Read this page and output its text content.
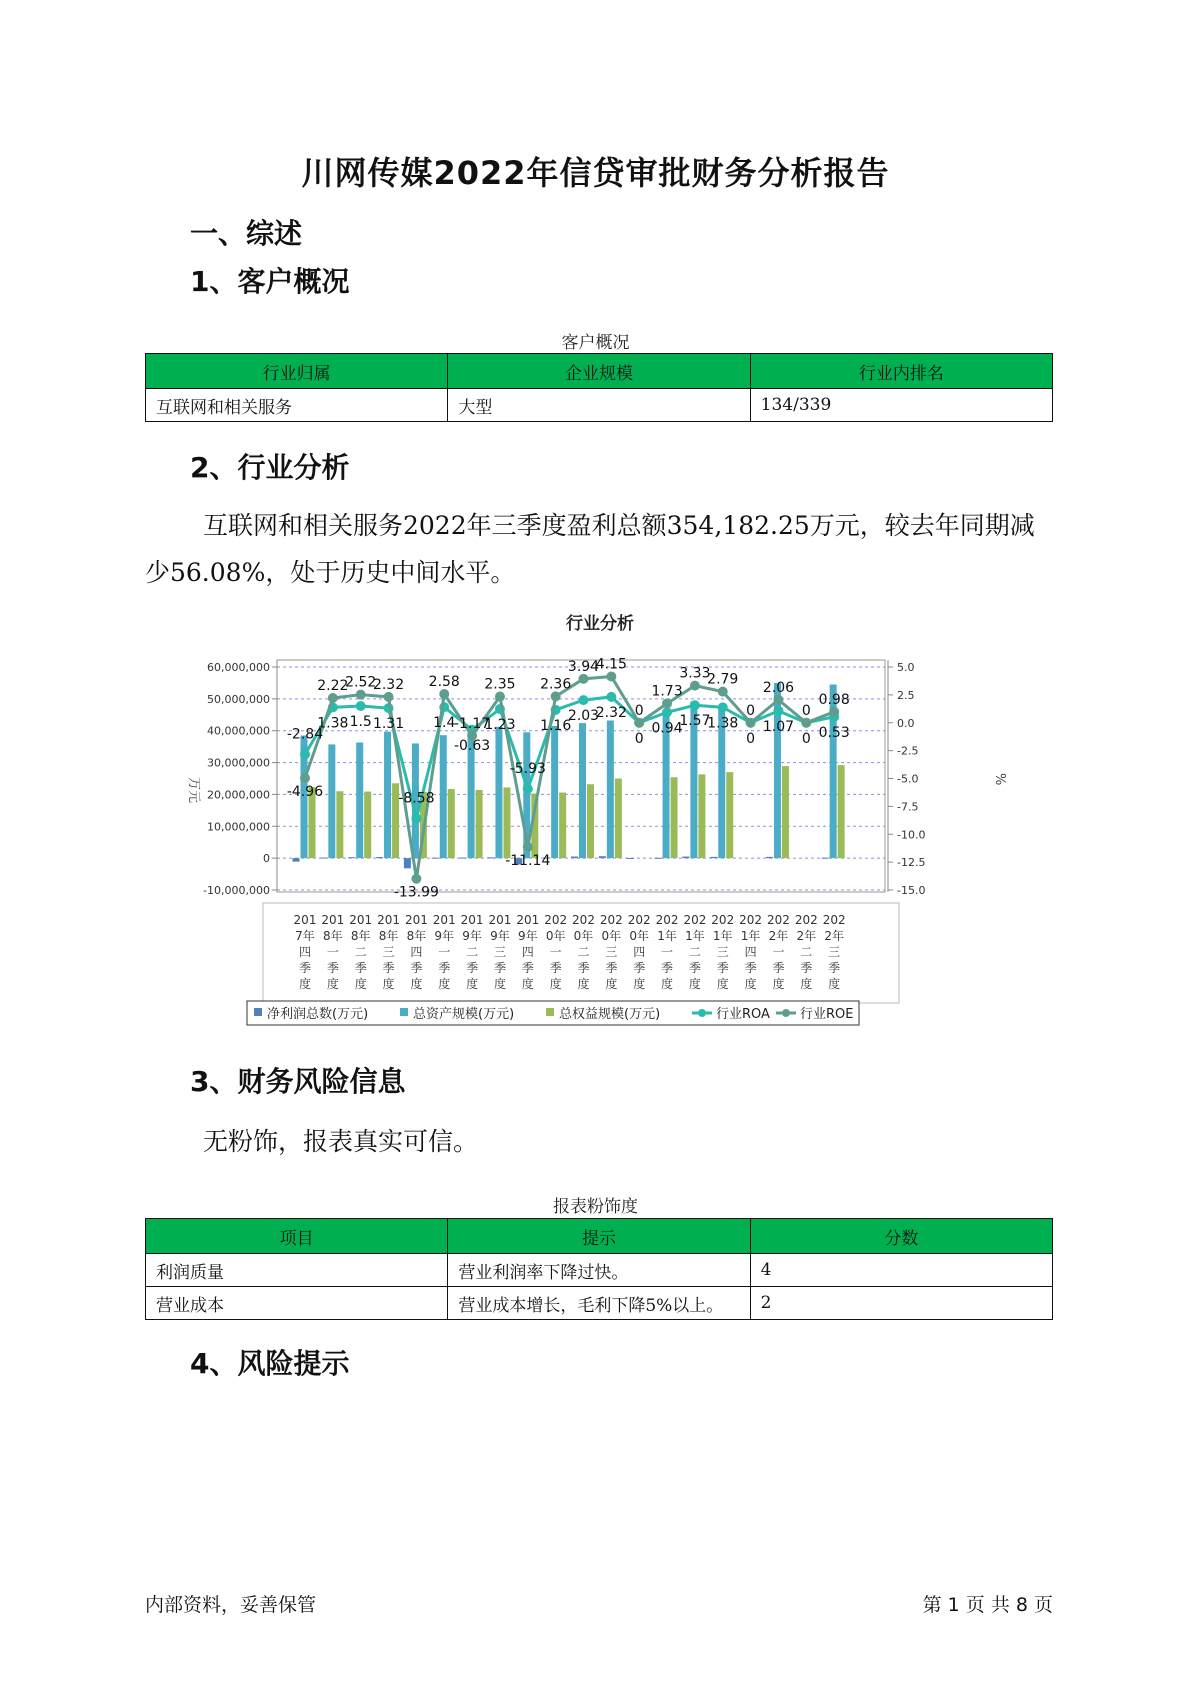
川网传媒2022年信贷审批财务分析报告
一、综述
1、客户概况
客户概况
行业归属	企业规模	行业内排名
互联网和相关服务	大型	134/339
2、行业分析
互联网和相关服务2022年三季度盈利总额354,182.25万元，较去年同期减少56.08%，处于历史中间水平。
行业分析
60,000,000
50,000,000
40,000,000
30,000,000
20,000,000
10,000,000
0
-10,000,000
5.0
2.5
0.0
-2.5
-5.0
-7.5
-10.0
-12.5
-15.0
万元	%
-2.84
1.38 1.5 1.31
-8.58
1.4
-0.63
1.23
-5.93
1.16
2.03
2.32
0
0.94
1.57
1.38
0
1.07
0 0.53
-4.96
2.22
2.52
2.32
-13.99
2.58
-1.17
2.35
-11.14
2.36
3.94
4.15
0
1.73
3.33
2.79
0
2.06
0
0.98
201 7年四季度
201 8年一季度
201 8年二季度
201 8年三季度
201 8年四季度
201 9年一季度
201 9年二季度
201 9年三季度
201 9年四季度
202 0年一季度
202 0年二季度
202 0年三季度
202 0年四季度
202 1年一季度
202 1年二季度
202 1年三季度
202 1年四季度
202 2年一季度
202 2年二季度
202 2年三季度
净利润总数(万元)	总资产规模(万元)	总权益规模(万元)	行业ROA 行业ROE
3、财务风险信息
无粉饰，报表真实可信。
报表粉饰度
项目	提示	分数
利润质量	营业利润率下降过快。	4
营业成本	营业成本增长，毛利下降5%以上。	2
4、风险提示
内部资料，妥善保管	第 1 页 共 8 页
